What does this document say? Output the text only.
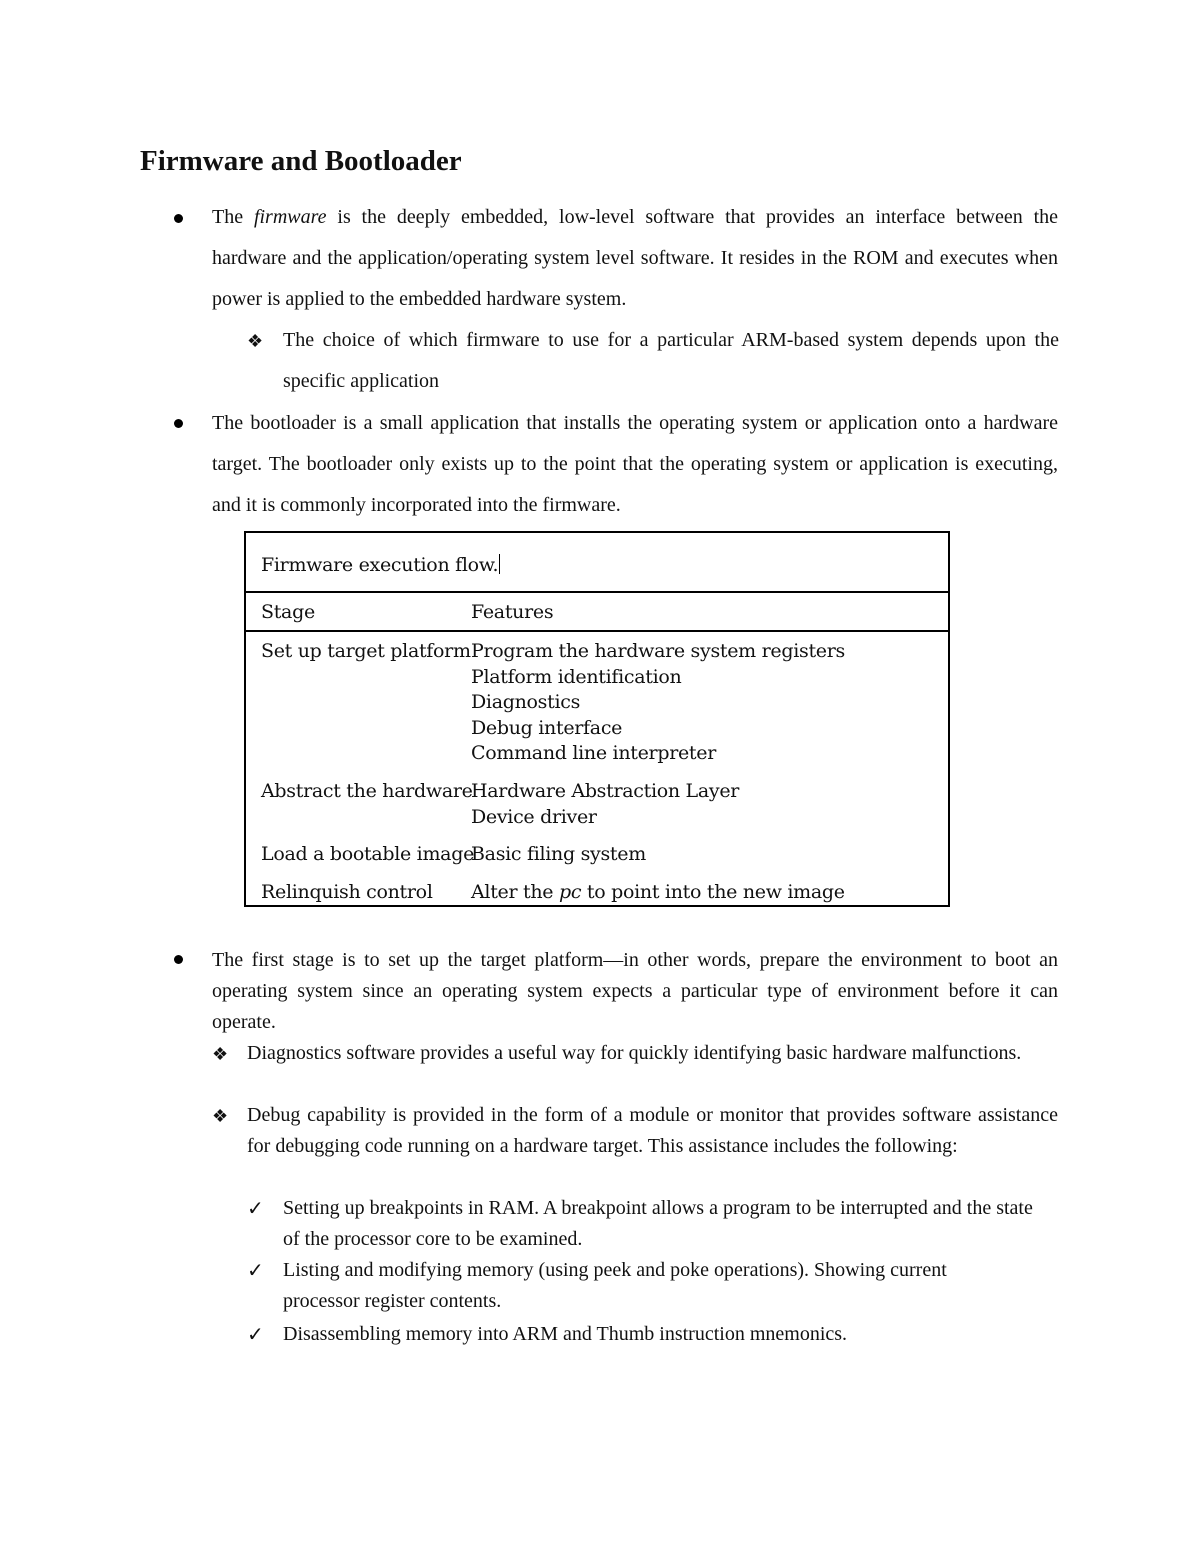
Firmware and Bootloader
The firmware is the deeply embedded, low-level software that provides an interface between the hardware and the application/operating system level software. It resides in the ROM and executes when power is applied to the embedded hardware system.
❖ The choice of which firmware to use for a particular ARM-based system depends upon the specific application
The bootloader is a small application that installs the operating system or application onto a hardware target. The bootloader only exists up to the point that the operating system or application is executing, and it is commonly incorporated into the firmware.
Firmware execution flow.
Stage	Features
Set up target platform Program the hardware system registers
Platform identification
Diagnostics
Debug interface
Command line interpreter
Abstract the hardware
Hardware Abstraction Layer
Device driver
Load a bootable image
Basic filing system
Relinquish control Alter the pc to point into the new image
The first stage is to set up the target platform—in other words, prepare the environment to boot an operating system since an operating system expects a particular type of environment before it can operate.
❖ Diagnostics software provides a useful way for quickly identifying basic hardware malfunctions.
❖ Debug capability is provided in the form of a module or monitor that provides software assistance for debugging code running on a hardware target. This assistance includes the following:
✓ Setting up breakpoints in RAM. A breakpoint allows a program to be interrupted and the state of the processor core to be examined.
✓ Listing and modifying memory (using peek and poke operations). Showing current processor register contents.
✓ Disassembling memory into ARM and Thumb instruction mnemonics.
